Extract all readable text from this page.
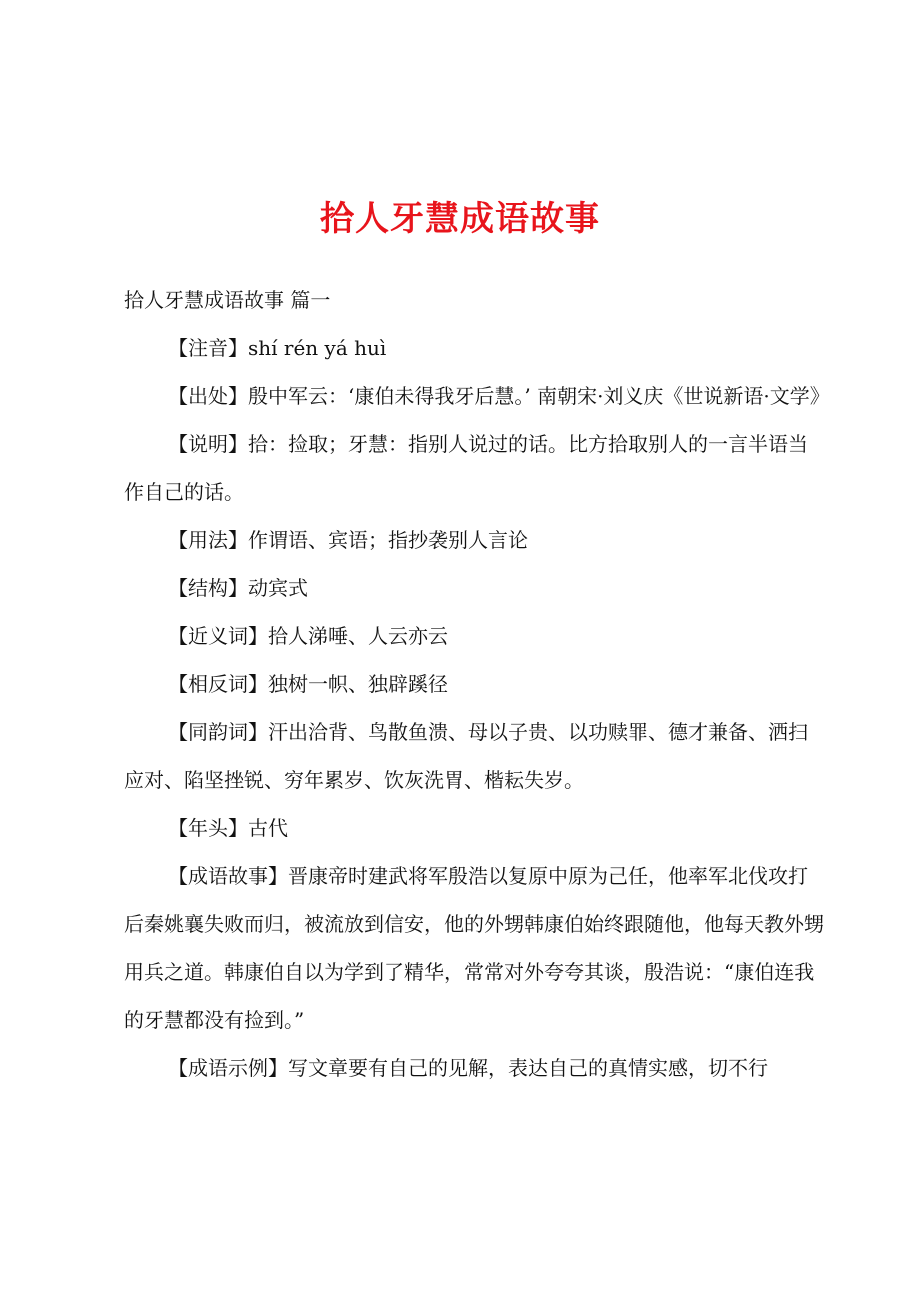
拾人牙慧成语故事
拾人牙慧成语故事 篇一
【注音】shí rén yá huì
【出处】殷中军云：‘康伯未得我牙后慧。’ 南朝宋·刘义庆《世说新语·文学》
【说明】拾：捡取；牙慧：指别人说过的话。比方拾取别人的一言半语当作自己的话。
【用法】作谓语、宾语；指抄袭别人言论
【结构】动宾式
【近义词】拾人涕唾、人云亦云
【相反词】独树一帜、独辟蹊径
【同韵词】汗出洽背、鸟散鱼溃、母以子贵、以功赎罪、德才兼备、洒扫应对、陷坚挫锐、穷年累岁、饮灰洗胃、楷耘失岁。
【年头】古代
【成语故事】晋康帝时建武将军殷浩以复原中原为己任，他率军北伐攻打后秦姚襄失败而归，被流放到信安，他的外甥韩康伯始终跟随他，他每天教外甥用兵之道。韩康伯自以为学到了精华，常常对外夸夸其谈，殷浩说：“康伯连我的牙慧都没有捡到。”
【成语示例】写文章要有自己的见解，表达自己的真情实感，切不行
